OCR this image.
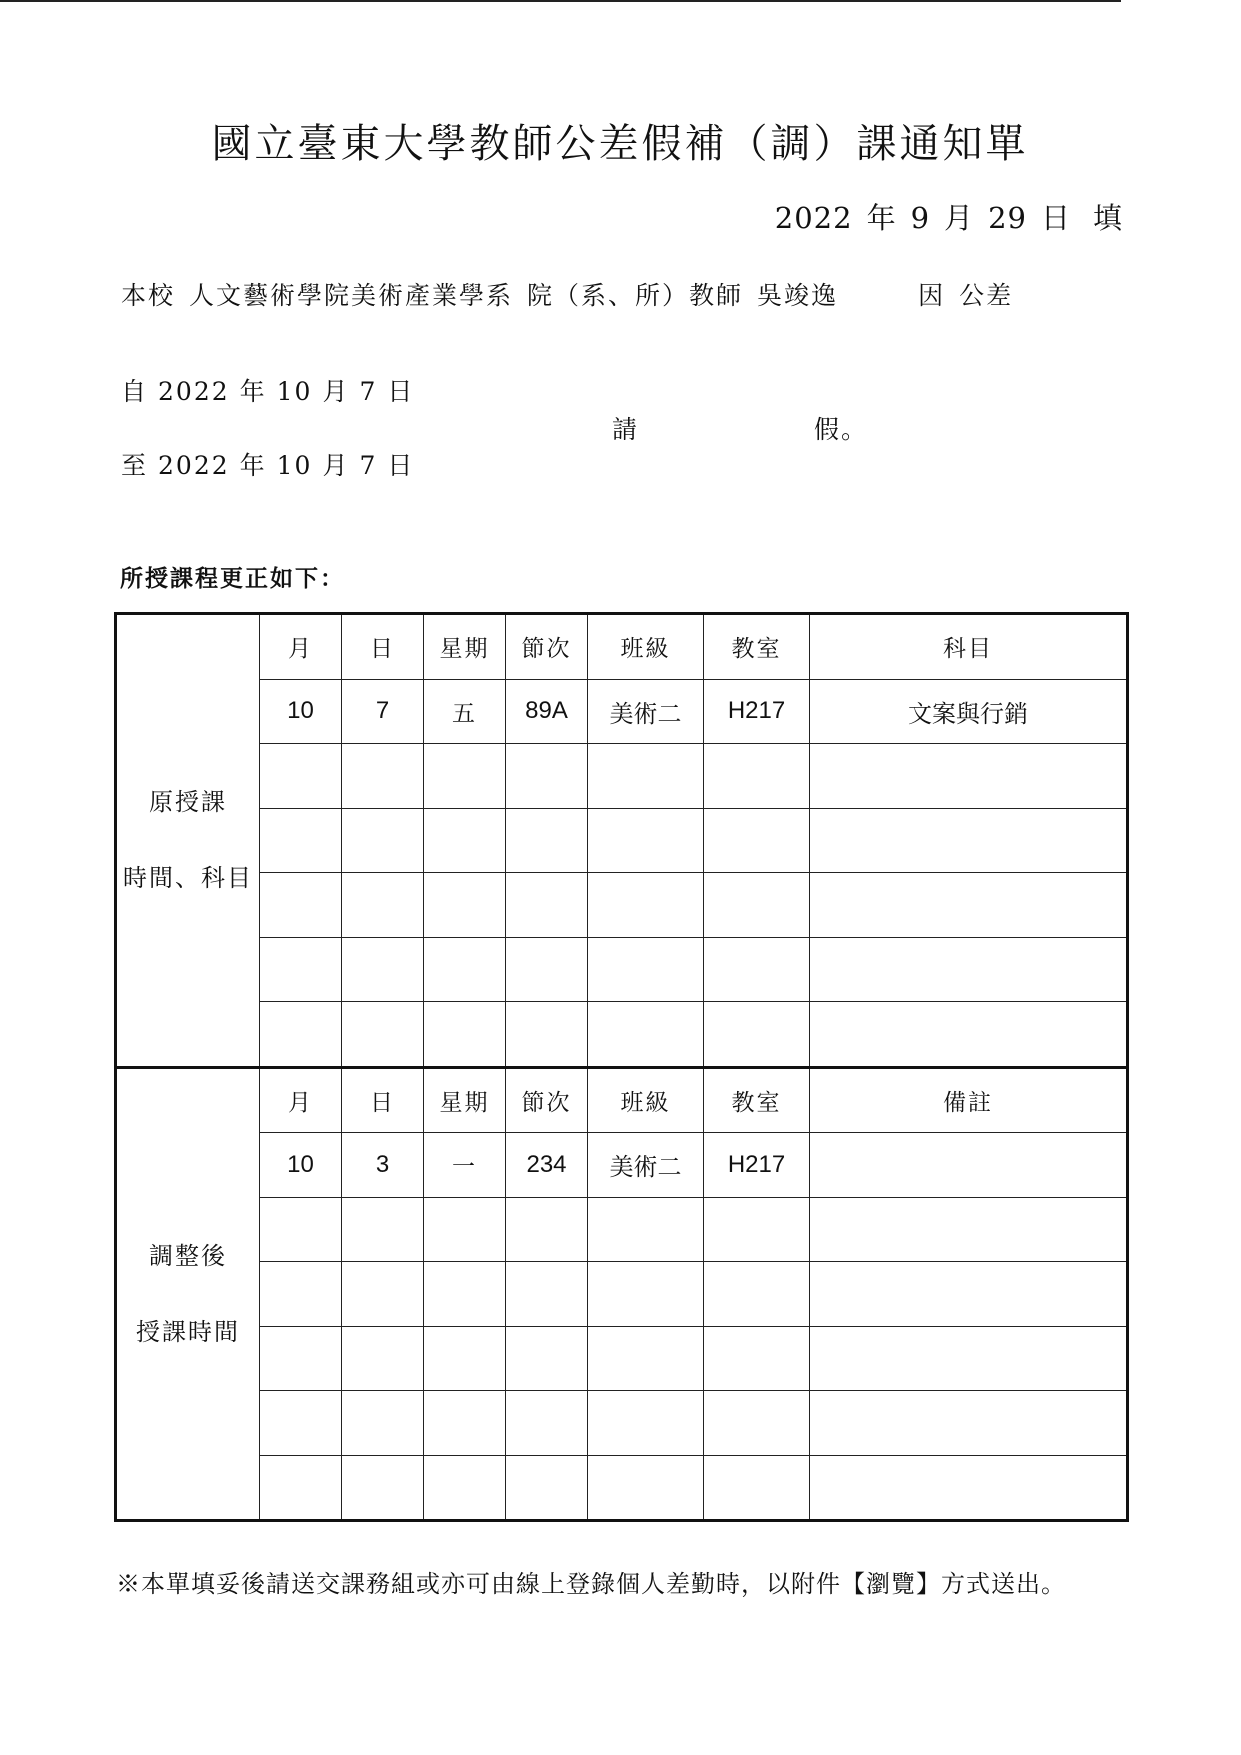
國立臺東大學教師公差假補（調）課通知單
2022 年 9 月 29 日 填
本校 人文藝術學院美術產業學系 院（系、所）教師 吳竣逸	因 公差
自 2022 年 10 月 7 日
請	假。
至 2022 年 10 月 7 日
所授課程更正如下：
原授課
時間、科目	月	日	星期	節次	班級	教室	科目
	10	7	五	89A	美術二	H217	文案與行銷

調整後
授課時間	月	日	星期	節次	班級	教室	備註
	10	3	一	234	美術二	H217	

※本單填妥後請送交課務組或亦可由線上登錄個人差勤時，以附件【瀏覽】方式送出。
